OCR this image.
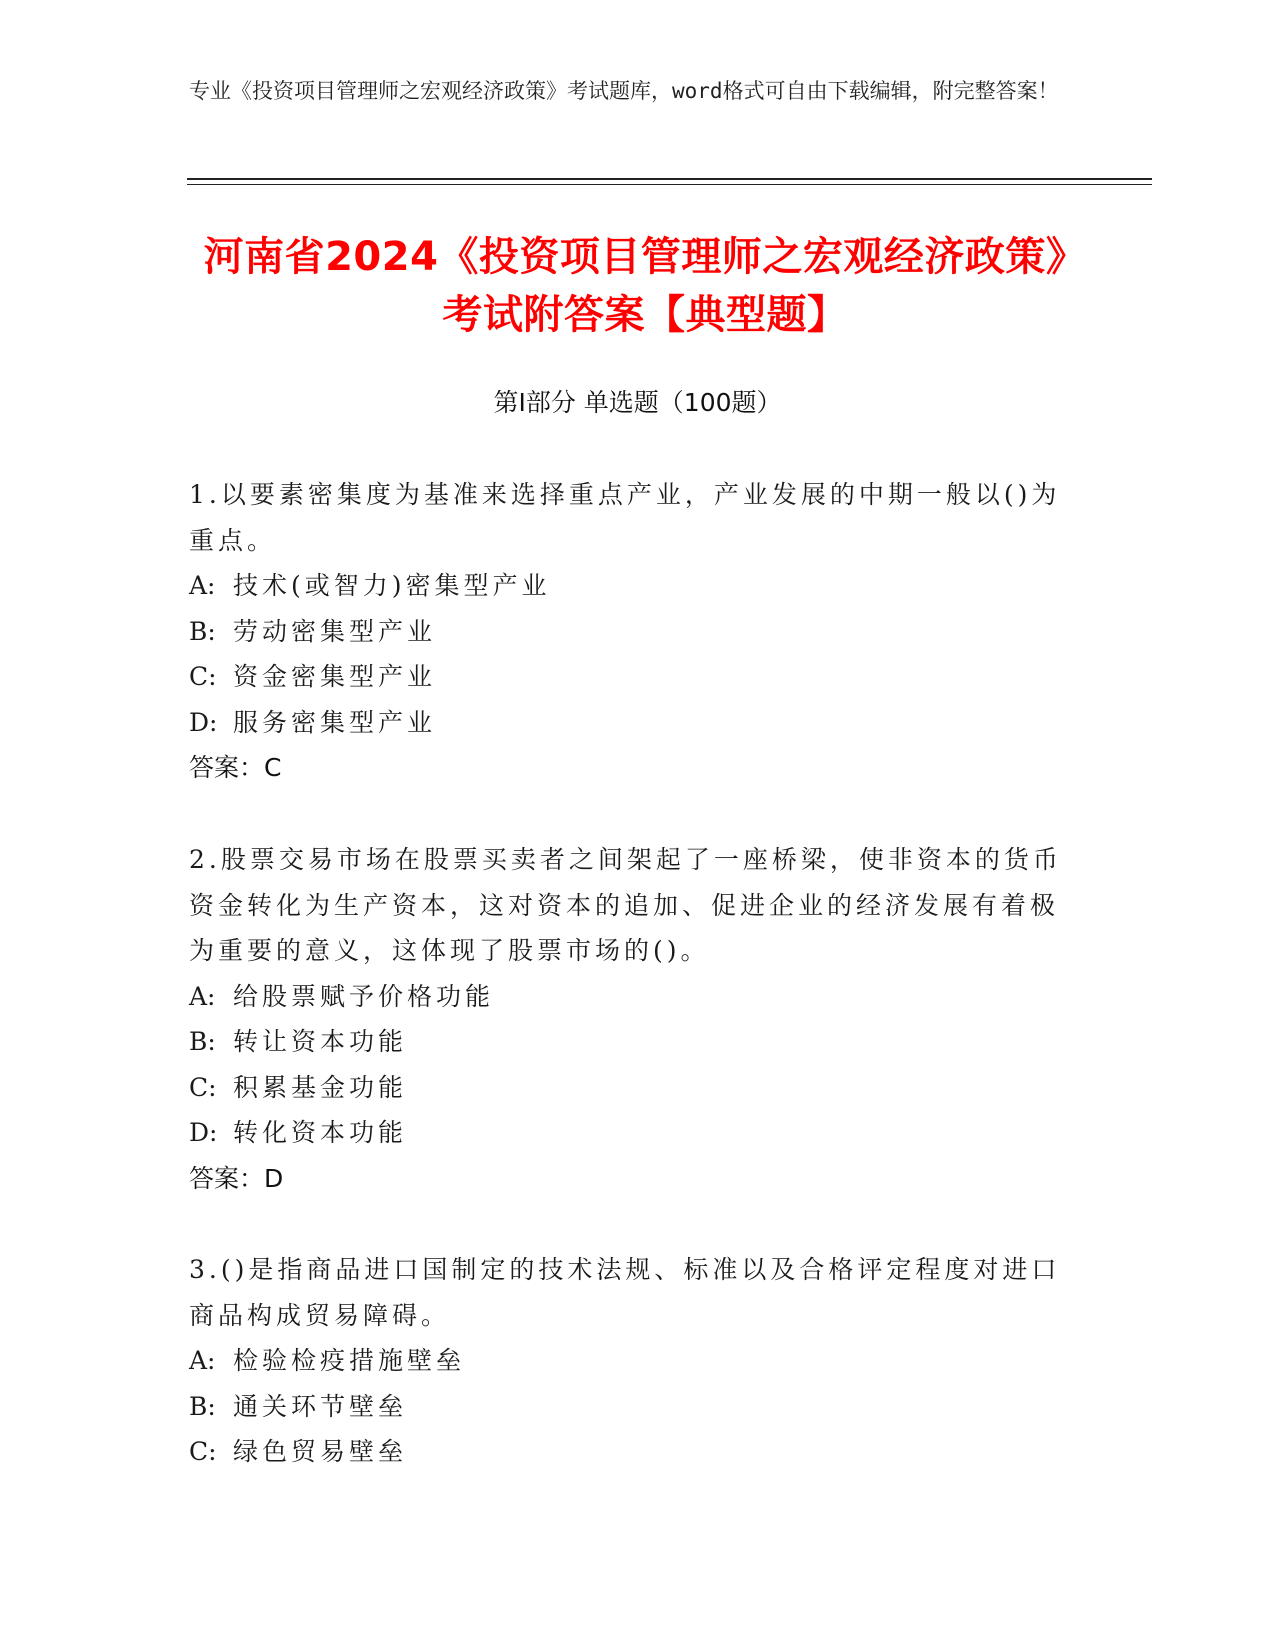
专业《投资项目管理师之宏观经济政策》考试题库，word格式可自由下载编辑，附完整答案！
河南省2024《投资项目管理师之宏观经济政策》考试附答案【典型题】
第I部分 单选题（100题）
1.以要素密集度为基准来选择重点产业，产业发展的中期一般以()为重点。
A: 技术(或智力)密集型产业
B: 劳动密集型产业
C: 资金密集型产业
D: 服务密集型产业
答案：C
2.股票交易市场在股票买卖者之间架起了一座桥梁，使非资本的货币资金转化为生产资本，这对资本的追加、促进企业的经济发展有着极为重要的意义，这体现了股票市场的()。
A: 给股票赋予价格功能
B: 转让资本功能
C: 积累基金功能
D: 转化资本功能
答案：D
3.()是指商品进口国制定的技术法规、标准以及合格评定程度对进口商品构成贸易障碍。
A: 检验检疫措施壁垒
B: 通关环节壁垒
C: 绿色贸易壁垒
